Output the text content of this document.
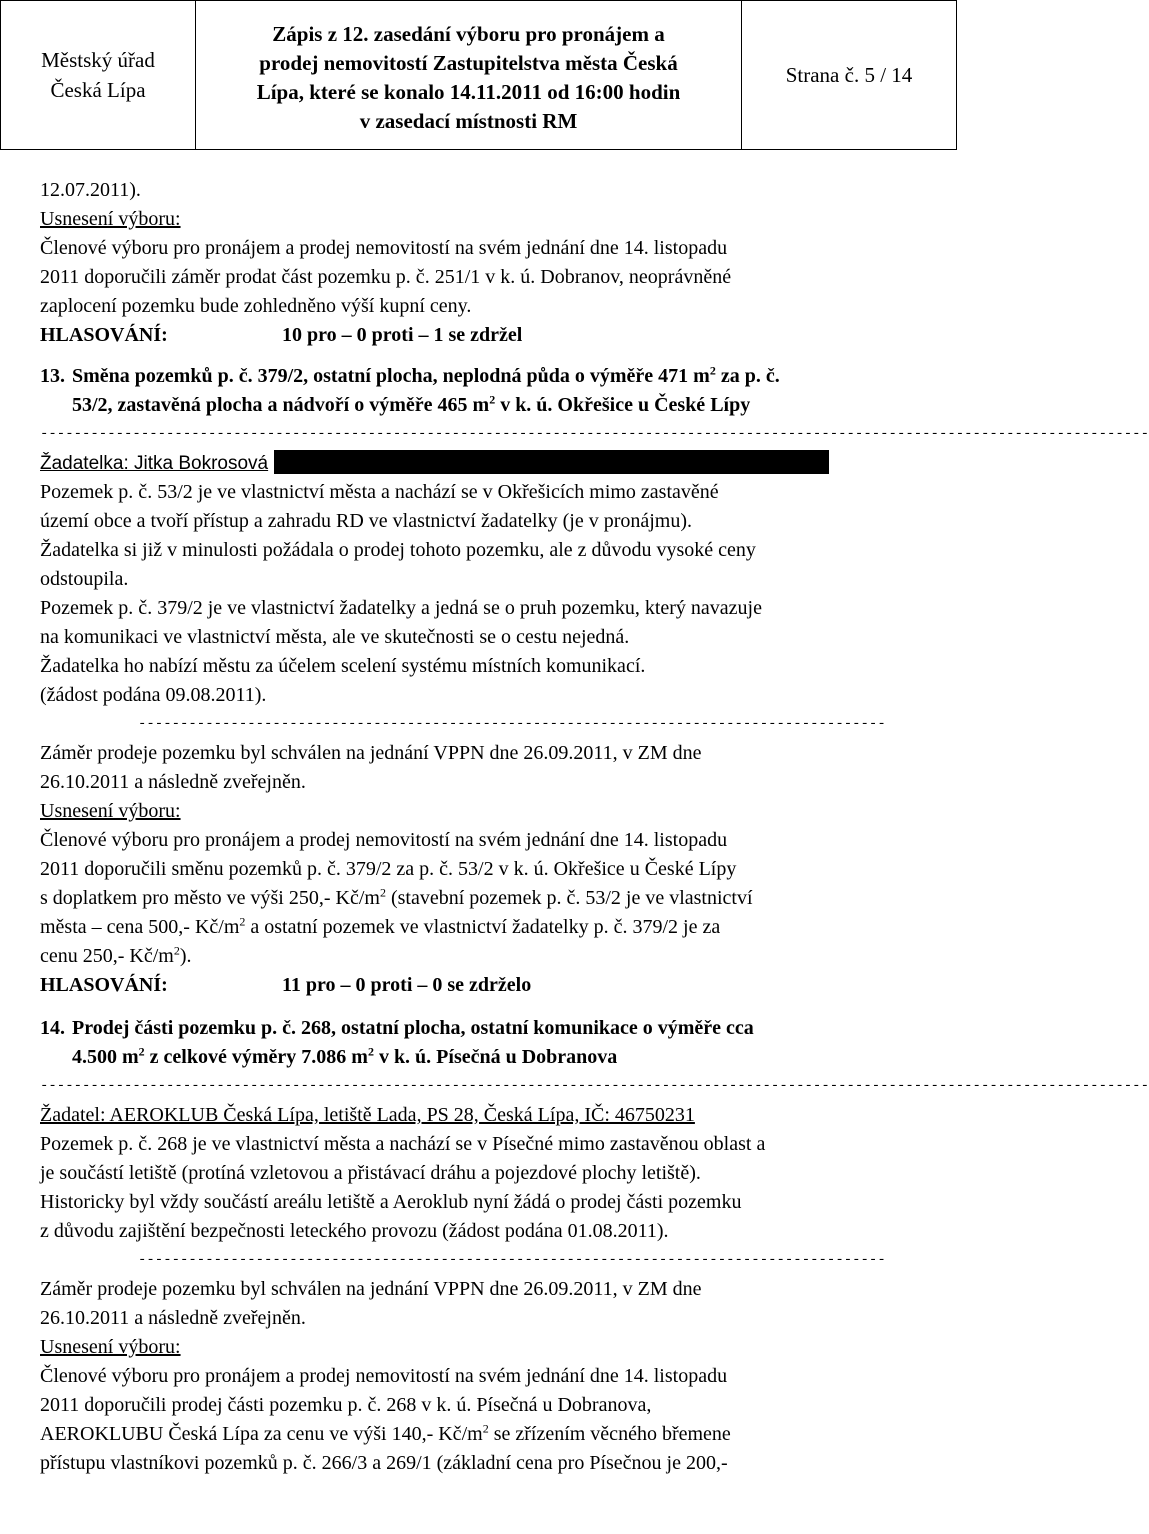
Městský úřad
Česká Lípa
Zápis z 12. zasedání výboru pro pronájem a
prodej nemovitostí Zastupitelstva města Česká
Lípa, které se konalo 14.11.2011 od 16:00 hodin
v zasedací místnosti RM
Strana č. 5 / 14
12.07.2011).
Usnesení výboru:
Členové výboru pro pronájem a prodej nemovitostí na svém jednání dne 14. listopadu
2011 doporučili záměr prodat část pozemku p. č. 251/1 v k. ú. Dobranov, neoprávněné
zaplocení pozemku bude zohledněno výší kupní ceny.
HLASOVÁNÍ:	10 pro – 0 proti – 1 se zdržel
13. Směna pozemků p. č. 379/2, ostatní plocha, neplodná půda o výměře 471 $m^2$ za p. č.
53/2, zastavěná plocha a nádvoří o výměře 465 $m^2$ v k. ú. Okřešice u České Lípy
------------------------------------------------------------------------------------------------------------------------------------
Žadatelka: Jitka Bokrosová
Pozemek p. č. 53/2 je ve vlastnictví města a nachází se v Okřešicích mimo zastavěné
území obce a tvoří přístup a zahradu RD ve vlastnictví žadatelky (je v pronájmu).
Žadatelka si již v minulosti požádala o prodej tohoto pozemku, ale z důvodu vysoké ceny
odstoupila.
Pozemek p. č. 379/2 je ve vlastnictví žadatelky a jedná se o pruh pozemku, který navazuje
na komunikaci ve vlastnictví města, ale ve skutečnosti se o cestu nejedná.
Žadatelka ho nabízí městu za účelem scelení systému místních komunikací.
(žádost podána 09.08.2011).
-----------------------------------------------------------------------------------------
Záměr prodeje pozemku byl schválen na jednání VPPN dne 26.09.2011, v ZM dne
26.10.2011 a následně zveřejněn.
Usnesení výboru:
Členové výboru pro pronájem a prodej nemovitostí na svém jednání dne 14. listopadu
2011 doporučili směnu pozemků p. č. 379/2 za p. č. 53/2 v k. ú. Okřešice u České Lípy
s doplatkem pro město ve výši 250,- $Kč/m^2$ (stavební pozemek p. č. 53/2 je ve vlastnictví
města – cena 500,- $Kč/m^2$ a ostatní pozemek ve vlastnictví žadatelky p. č. 379/2 je za
cenu 250,- $Kč/m^2$).
HLASOVÁNÍ:	11 pro – 0 proti – 0 se zdrželo
14. Prodej části pozemku p. č. 268, ostatní plocha, ostatní komunikace o výměře cca
4.500 $m^2$ z celkové výměry 7.086 $m^2$ v k. ú. Písečná u Dobranova
------------------------------------------------------------------------------------------------------------------------------------
Žadatel: AEROKLUB Česká Lípa, letiště Lada, PS 28, Česká Lípa, IČ: 46750231
Pozemek p. č. 268 je ve vlastnictví města a nachází se v Písečné mimo zastavěnou oblast a
je součástí letiště (protíná vzletovou a přistávací dráhu a pojezdové plochy letiště).
Historicky byl vždy součástí areálu letiště a Aeroklub nyní žádá o prodej části pozemku
z důvodu zajištění bezpečnosti leteckého provozu (žádost podána 01.08.2011).
-----------------------------------------------------------------------------------------
Záměr prodeje pozemku byl schválen na jednání VPPN dne 26.09.2011, v ZM dne
26.10.2011 a následně zveřejněn.
Usnesení výboru:
Členové výboru pro pronájem a prodej nemovitostí na svém jednání dne 14. listopadu
2011 doporučili prodej části pozemku p. č. 268 v k. ú. Písečná u Dobranova,
AEROKLUBU Česká Lípa za cenu ve výši 140,- $Kč/m^2$ se zřízením věcného břemene
přístupu vlastníkovi pozemků p. č. 266/3 a 269/1 (základní cena pro Písečnou je 200,-
